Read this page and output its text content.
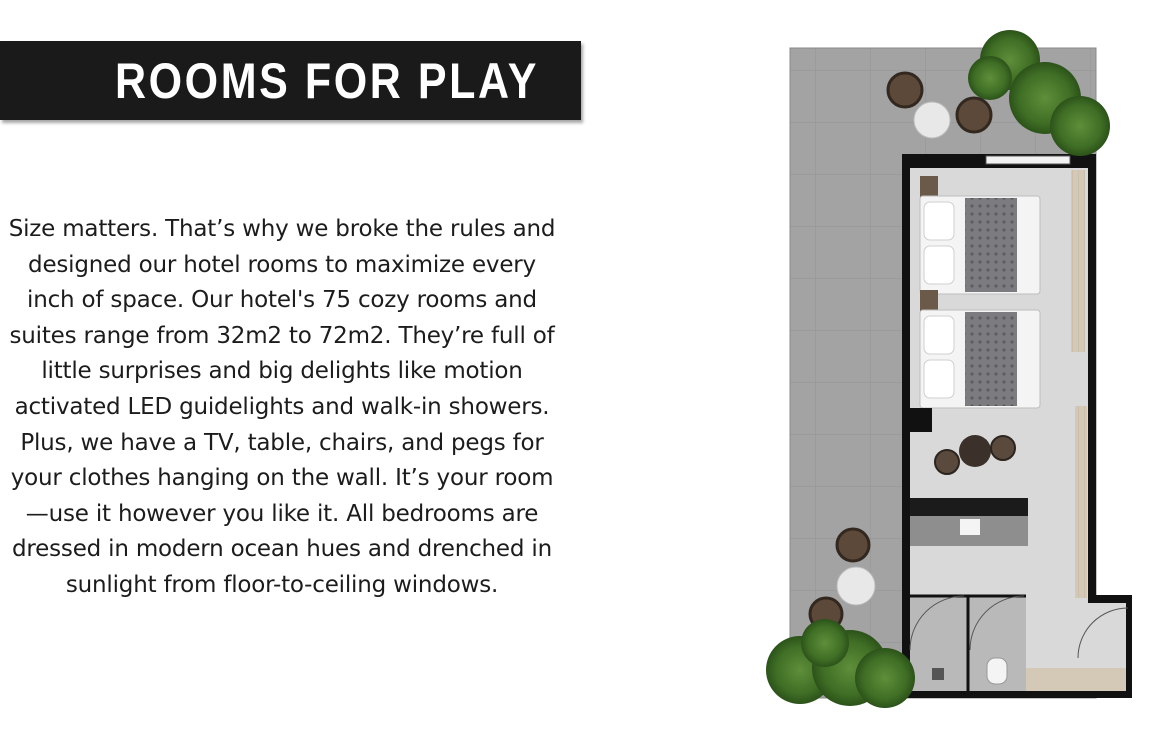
ROOMS FOR PLAY
Size matters. That’s why we broke the rules and
designed our hotel rooms to maximize every
inch of space. Our hotel's 75 cozy rooms and
suites range from 32m2 to 72m2. They’re full of
little surprises and big delights like motion
activated LED guidelights and walk-in showers.
Plus, we have a TV, table, chairs, and pegs for
your clothes hanging on the wall. It’s your room
—use it however you like it. All bedrooms are
dressed in modern ocean hues and drenched in
sunlight from floor-to-ceiling windows.
